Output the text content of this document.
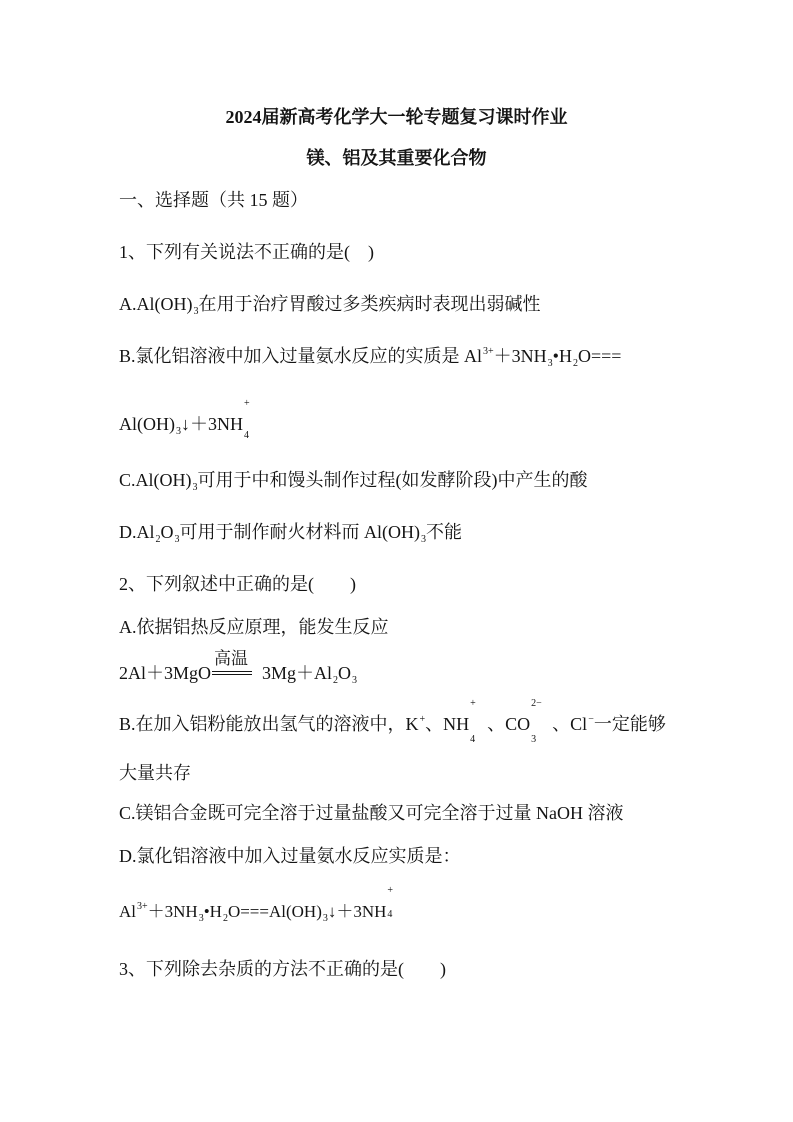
2024届新高考化学大一轮专题复习课时作业
镁、铝及其重要化合物
一、选择题（共 15 题）
1、下列有关说法不正确的是(　)
$A.Al(OH)_3$在用于治疗胃酸过多类疾病时表现出弱碱性
B.氯化铝溶液中加入过量氨水反应的实质是 $Al^{3+}+3NH_3•H_2O===$
$Al(OH)_3↓+3NH$
+
4
$C.Al(OH)_3$可用于中和馒头制作过程(如发酵阶段)中产生的酸
$D.Al_2O_3$可用于制作耐火材料而 $Al(OH)_3$不能
2、下列叙述中正确的是(　　)
A.依据铝热反应原理，能发生反应
2Al＋3MgO
高温
$3Mg+Al_2O_3$
B.在加入铝粉能放出氢气的溶液中，K+、NH
+
4
、CO
2−
3
、Cl−一定能够
大量共存
C.镁铝合金既可完全溶于过量盐酸又可完全溶于过量 NaOH 溶液
D.氯化铝溶液中加入过量氨水反应实质是：
$Al^{3+}+3NH_3•H_2O===Al(OH)_3↓+3NH$
+
4
3、下列除去杂质的方法不正确的是(　　)
